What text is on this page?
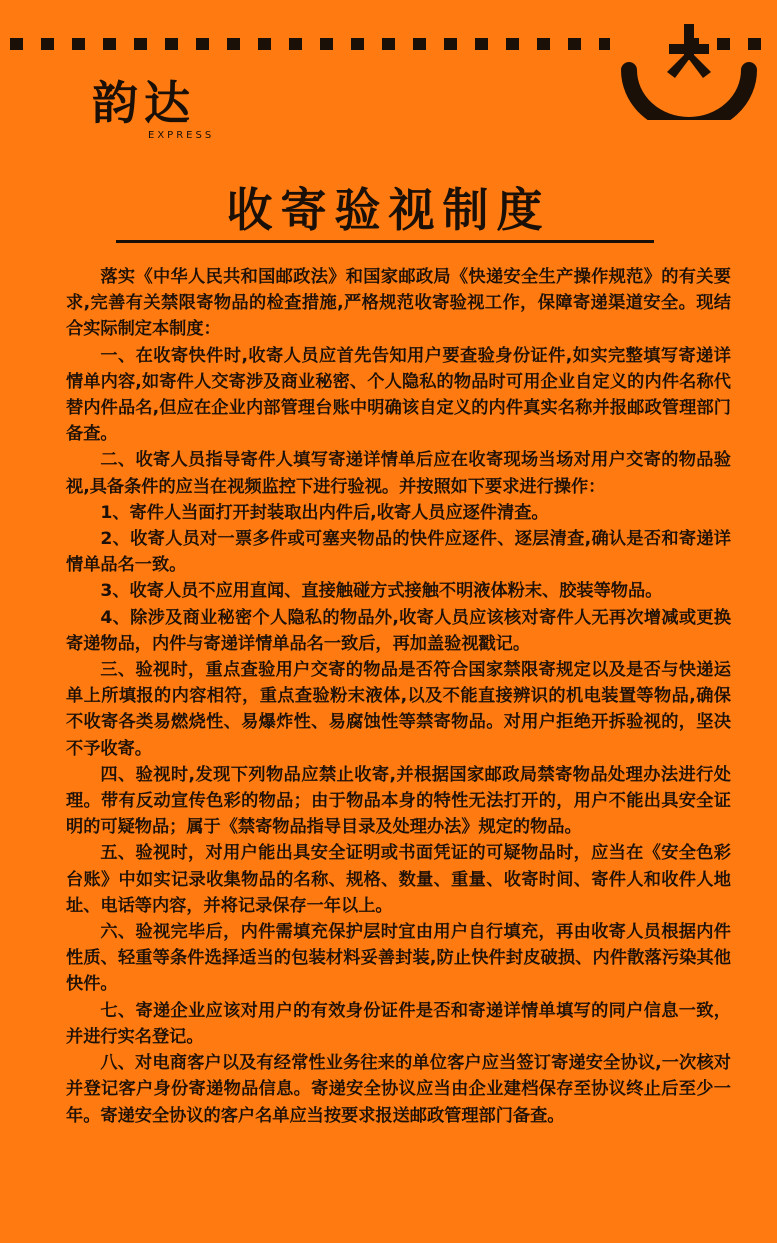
韵达
EXPRESS
收寄验视制度

落实《中华人民共和国邮政法》和国家邮政局《快递安全生产操作规范》的有关要求,完善有关禁限寄物品的检查措施,严格规范收寄验视工作，保障寄递渠道安全。现结合实际制定本制度：

一、在收寄快件时,收寄人员应首先告知用户要查验身份证件,如实完整填写寄递详情单内容,如寄件人交寄涉及商业秘密、个人隐私的物品时可用企业自定义的内件名称代替内件品名,但应在企业内部管理台账中明确该自定义的内件真实名称并报邮政管理部门备查。

二、收寄人员指导寄件人填写寄递详情单后应在收寄现场当场对用户交寄的物品验视,具备条件的应当在视频监控下进行验视。并按照如下要求进行操作：

1、寄件人当面打开封装取出内件后,收寄人员应逐件清查。

2、收寄人员对一票多件或可塞夹物品的快件应逐件、逐层清查,确认是否和寄递详情单品名一致。

3、收寄人员不应用直闻、直接触碰方式接触不明液体粉末、胶装等物品。

4、除涉及商业秘密个人隐私的物品外,收寄人员应该核对寄件人无再次增减或更换寄递物品，内件与寄递详情单品名一致后，再加盖验视戳记。

三、验视时，重点查验用户交寄的物品是否符合国家禁限寄规定以及是否与快递运单上所填报的内容相符，重点查验粉末液体,以及不能直接辨识的机电装置等物品,确保不收寄各类易燃烧性、易爆炸性、易腐蚀性等禁寄物品。对用户拒绝开拆验视的，坚决不予收寄。

四、验视时,发现下列物品应禁止收寄,并根据国家邮政局禁寄物品处理办法进行处理。带有反动宣传色彩的物品；由于物品本身的特性无法打开的，用户不能出具安全证明的可疑物品；属于《禁寄物品指导目录及处理办法》规定的物品。

五、验视时，对用户能出具安全证明或书面凭证的可疑物品时，应当在《安全色彩台账》中如实记录收集物品的名称、规格、数量、重量、收寄时间、寄件人和收件人地址、电话等内容，并将记录保存一年以上。

六、验视完毕后，内件需填充保护层时宜由用户自行填充，再由收寄人员根据内件性质、轻重等条件选择适当的包装材料妥善封装,防止快件封皮破损、内件散落污染其他快件。

七、寄递企业应该对用户的有效身份证件是否和寄递详情单填写的同户信息一致，并进行实名登记。

八、对电商客户以及有经常性业务往来的单位客户应当签订寄递安全协议,一次核对并登记客户身份寄递物品信息。寄递安全协议应当由企业建档保存至协议终止后至少一年。寄递安全协议的客户名单应当按要求报送邮政管理部门备查。
